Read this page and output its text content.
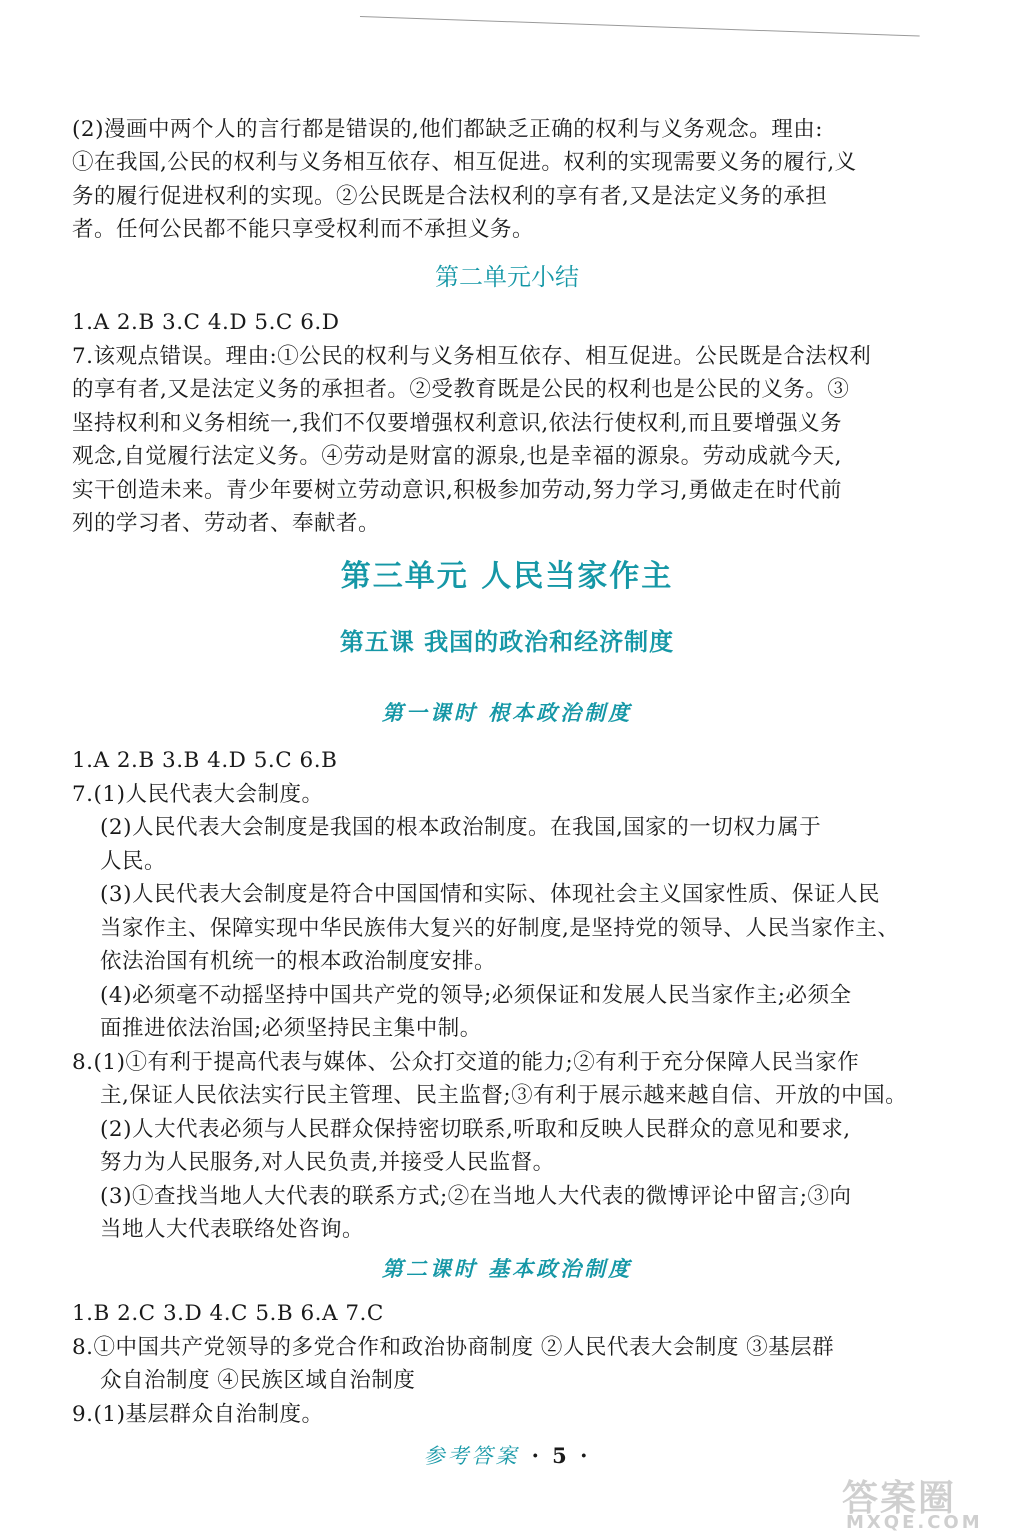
(2)漫画中两个人的言行都是错误的,他们都缺乏正确的权利与义务观念。理由:
①在我国,公民的权利与义务相互依存、相互促进。权利的实现需要义务的履行,义
务的履行促进权利的实现。②公民既是合法权利的享有者,又是法定义务的承担
者。任何公民都不能只享受权利而不承担义务。
第二单元小结
1.A 2.B 3.C 4.D 5.C 6.D
7.该观点错误。理由:①公民的权利与义务相互依存、相互促进。公民既是合法权利
的享有者,又是法定义务的承担者。②受教育既是公民的权利也是公民的义务。③
坚持权利和义务相统一,我们不仅要增强权利意识,依法行使权利,而且要增强义务
观念,自觉履行法定义务。④劳动是财富的源泉,也是幸福的源泉。劳动成就今天,
实干创造未来。青少年要树立劳动意识,积极参加劳动,努力学习,勇做走在时代前
列的学习者、劳动者、奉献者。
第三单元 人民当家作主
第五课 我国的政治和经济制度
第一课时 根本政治制度
1.A 2.B 3.B 4.D 5.C 6.B
7.(1)人民代表大会制度。
(2)人民代表大会制度是我国的根本政治制度。在我国,国家的一切权力属于
人民。
(3)人民代表大会制度是符合中国国情和实际、体现社会主义国家性质、保证人民
当家作主、保障实现中华民族伟大复兴的好制度,是坚持党的领导、人民当家作主、
依法治国有机统一的根本政治制度安排。
(4)必须毫不动摇坚持中国共产党的领导;必须保证和发展人民当家作主;必须全
面推进依法治国;必须坚持民主集中制。
8.(1)①有利于提高代表与媒体、公众打交道的能力;②有利于充分保障人民当家作
主,保证人民依法实行民主管理、民主监督;③有利于展示越来越自信、开放的中国。
(2)人大代表必须与人民群众保持密切联系,听取和反映人民群众的意见和要求,
努力为人民服务,对人民负责,并接受人民监督。
(3)①查找当地人大代表的联系方式;②在当地人大代表的微博评论中留言;③向
当地人大代表联络处咨询。
第二课时 基本政治制度
1.B 2.C 3.D 4.C 5.B 6.A 7.C
8.①中国共产党领导的多党合作和政治协商制度 ②人民代表大会制度 ③基层群
众自治制度 ④民族区域自治制度
9.(1)基层群众自治制度。
参考答案 · 5 ·
答案圈
MXQE.COM
